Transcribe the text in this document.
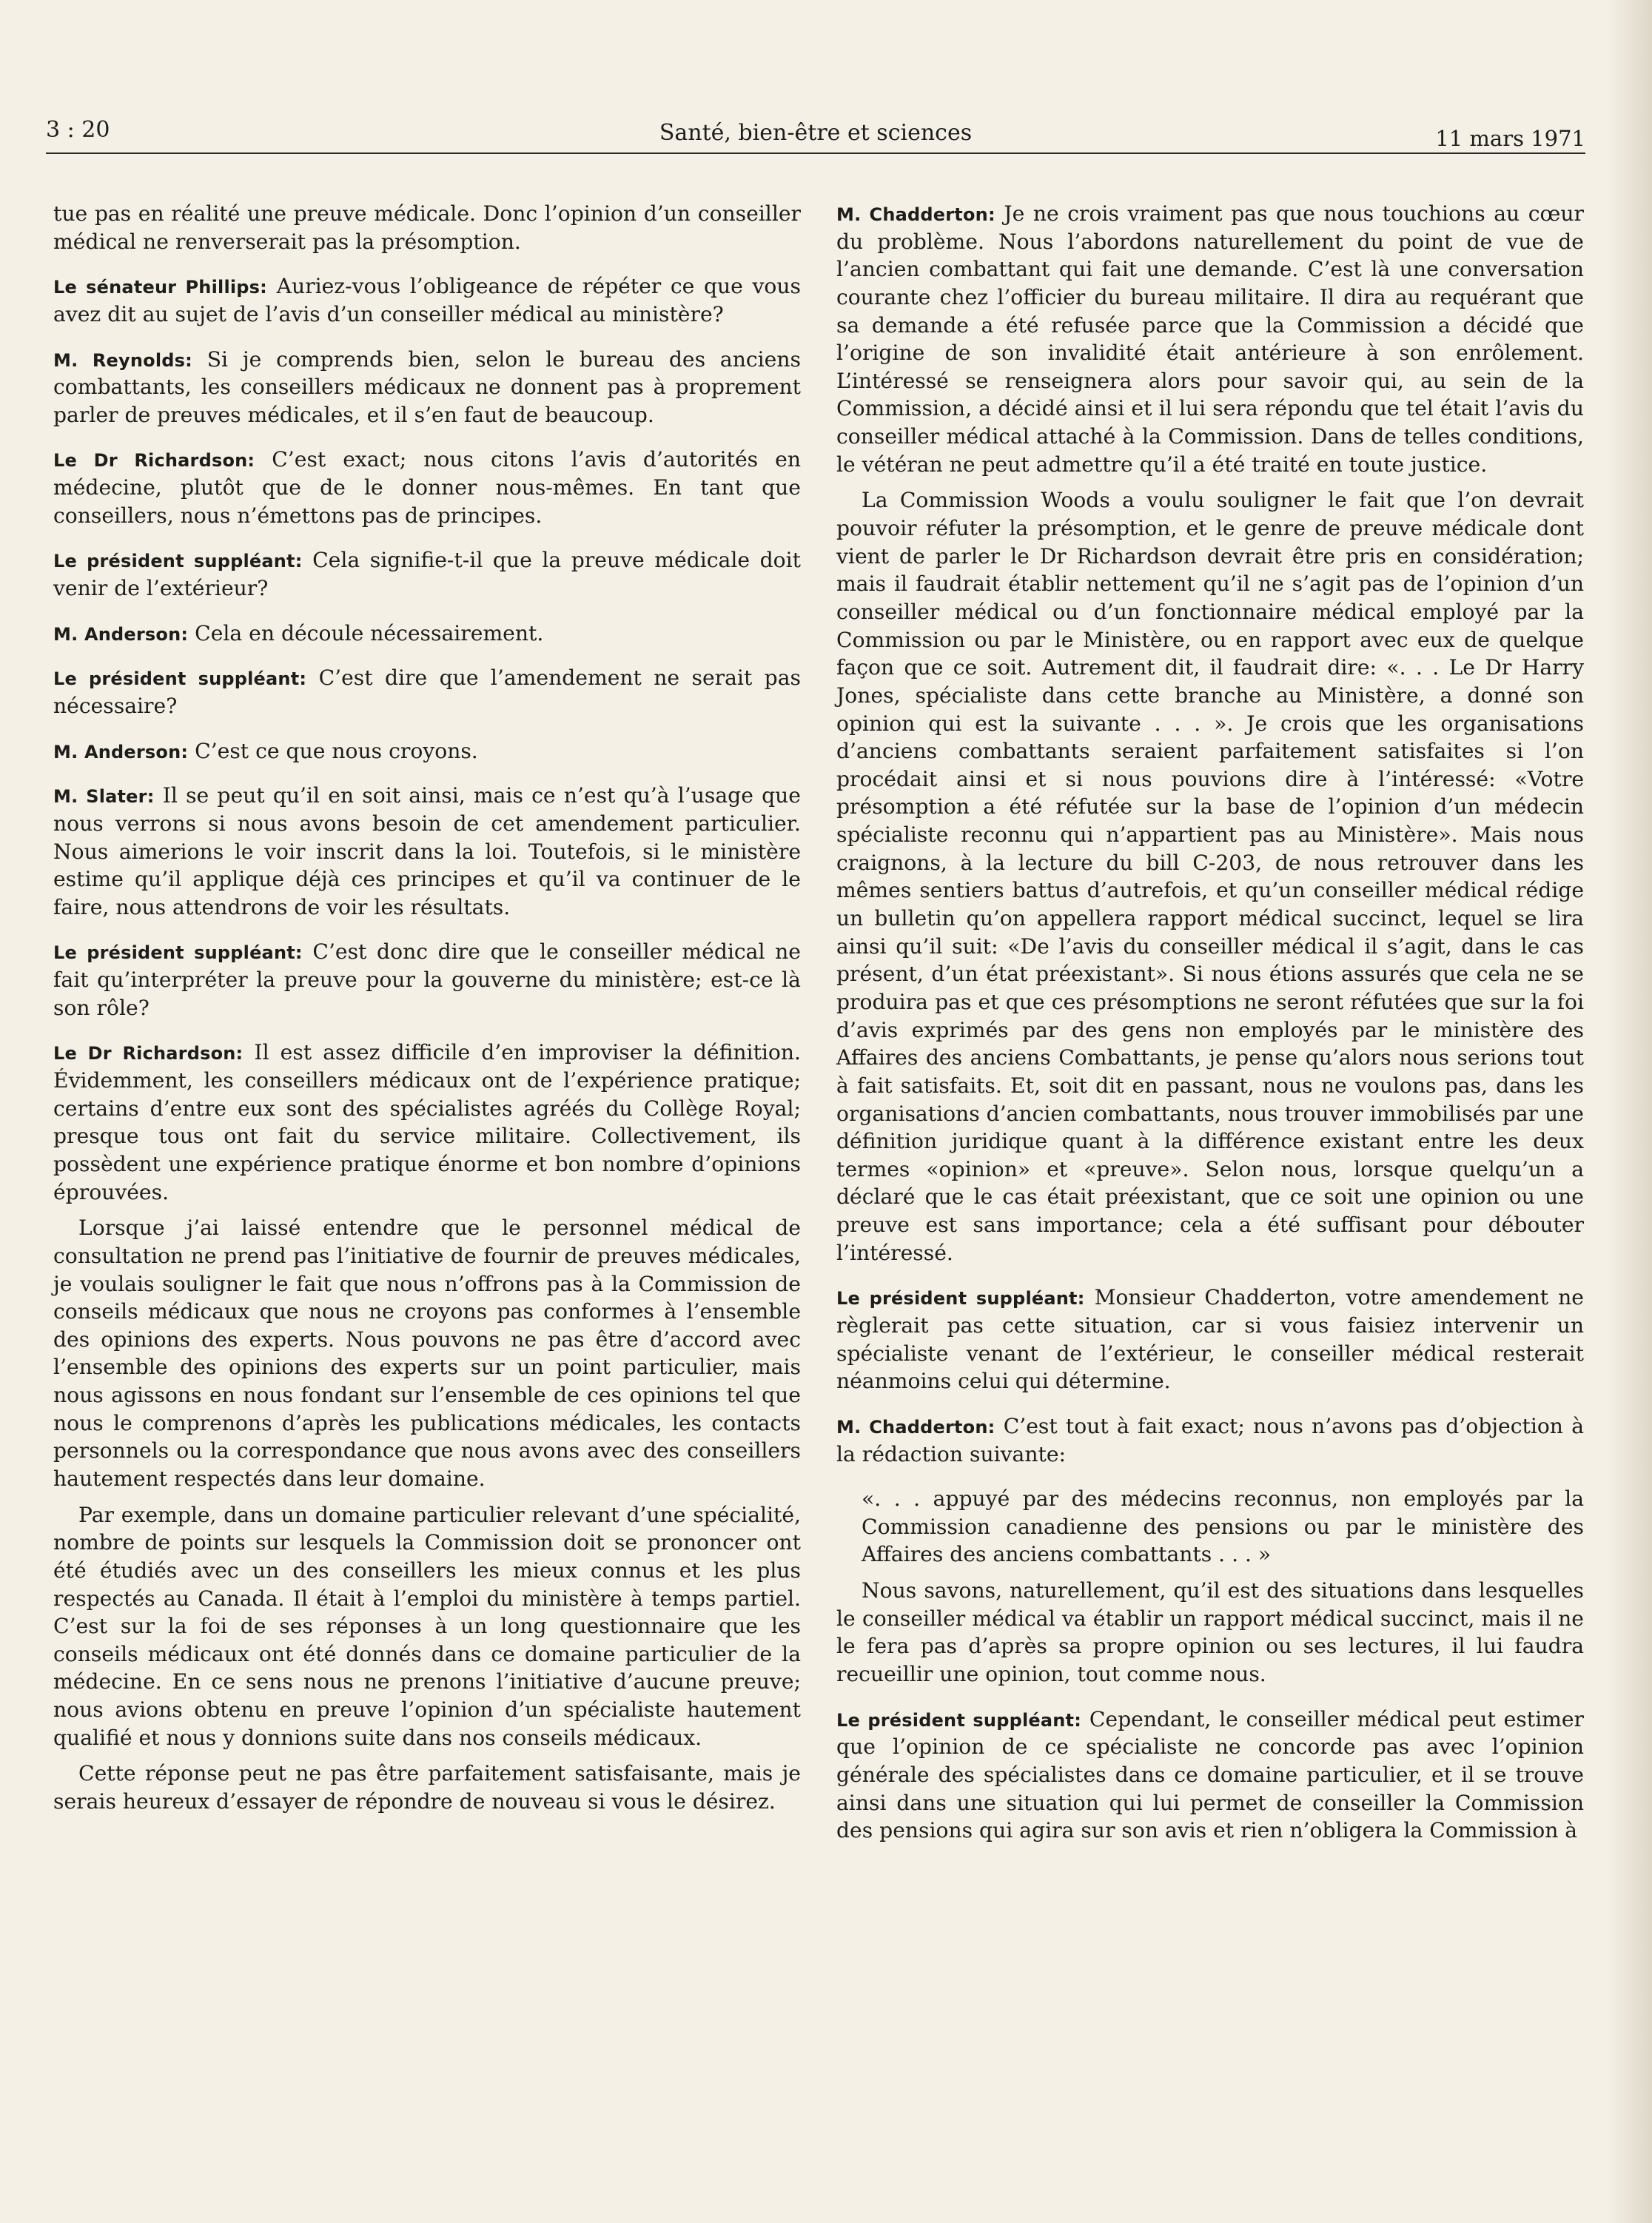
3 : 20	Santé, bien-être et sciences	11 mars 1971

tue pas en réalité une preuve médicale. Donc l’opinion d’un conseiller médical ne renverserait pas la présomption.

Le sénateur Phillips: Auriez-vous l’obligeance de répéter ce que vous avez dit au sujet de l’avis d’un conseiller médical au ministère?

M. Reynolds: Si je comprends bien, selon le bureau des anciens combattants, les conseillers médicaux ne donnent pas à proprement parler de preuves médicales, et il s’en faut de beaucoup.

Le Dr Richardson: C’est exact; nous citons l’avis d’autorités en médecine, plutôt que de le donner nous-mêmes. En tant que conseillers, nous n’émettons pas de principes.

Le président suppléant: Cela signifie-t-il que la preuve médicale doit venir de l’extérieur?

M. Anderson: Cela en découle nécessairement.

Le président suppléant: C’est dire que l’amendement ne serait pas nécessaire?

M. Anderson: C’est ce que nous croyons.

M. Slater: Il se peut qu’il en soit ainsi, mais ce n’est qu’à l’usage que nous verrons si nous avons besoin de cet amendement particulier. Nous aimerions le voir inscrit dans la loi. Toutefois, si le ministère estime qu’il applique déjà ces principes et qu’il va continuer de le faire, nous attendrons de voir les résultats.

Le président suppléant: C’est donc dire que le conseiller médical ne fait qu’interpréter la preuve pour la gouverne du ministère; est-ce là son rôle?

Le Dr Richardson: Il est assez difficile d’en improviser la définition. Évidemment, les conseillers médicaux ont de l’expérience pratique; certains d’entre eux sont des spécialistes agréés du Collège Royal; presque tous ont fait du service militaire. Collectivement, ils possèdent une expérience pratique énorme et bon nombre d’opinions éprouvées.

Lorsque j’ai laissé entendre que le personnel médical de consultation ne prend pas l’initiative de fournir de preuves médicales, je voulais souligner le fait que nous n’offrons pas à la Commission de conseils médicaux que nous ne croyons pas conformes à l’ensemble des opinions des experts. Nous pouvons ne pas être d’accord avec l’ensemble des opinions des experts sur un point particulier, mais nous agissons en nous fondant sur l’ensemble de ces opinions tel que nous le comprenons d’après les publications médicales, les contacts personnels ou la correspondance que nous avons avec des conseillers hautement respectés dans leur domaine.

Par exemple, dans un domaine particulier relevant d’une spécialité, nombre de points sur lesquels la Commission doit se prononcer ont été étudiés avec un des conseillers les mieux connus et les plus respectés au Canada. Il était à l’emploi du ministère à temps partiel. C’est sur la foi de ses réponses à un long questionnaire que les conseils médicaux ont été donnés dans ce domaine particulier de la médecine. En ce sens nous ne prenons l’initiative d’aucune preuve; nous avions obtenu en preuve l’opinion d’un spécialiste hautement qualifié et nous y donnions suite dans nos conseils médicaux.

Cette réponse peut ne pas être parfaitement satisfaisante, mais je serais heureux d’essayer de répondre de nouveau si vous le désirez.

M. Chadderton: Je ne crois vraiment pas que nous touchions au cœur du problème. Nous l’abordons naturellement du point de vue de l’ancien combattant qui fait une demande. C’est là une conversation courante chez l’officier du bureau militaire. Il dira au requérant que sa demande a été refusée parce que la Commission a décidé que l’origine de son invalidité était antérieure à son enrôlement. L’intéressé se renseignera alors pour savoir qui, au sein de la Commission, a décidé ainsi et il lui sera répondu que tel était l’avis du conseiller médical attaché à la Commission. Dans de telles conditions, le vétéran ne peut admettre qu’il a été traité en toute justice.

La Commission Woods a voulu souligner le fait que l’on devrait pouvoir réfuter la présomption, et le genre de preuve médicale dont vient de parler le Dr Richardson devrait être pris en considération; mais il faudrait établir nettement qu’il ne s’agit pas de l’opinion d’un conseiller médical ou d’un fonctionnaire médical employé par la Commission ou par le Ministère, ou en rapport avec eux de quelque façon que ce soit. Autrement dit, il faudrait dire: «. . . Le Dr Harry Jones, spécialiste dans cette branche au Ministère, a donné son opinion qui est la suivante . . . ». Je crois que les organisations d’anciens combattants seraient parfaitement satisfaites si l’on procédait ainsi et si nous pouvions dire à l’intéressé: «Votre présomption a été réfutée sur la base de l’opinion d’un médecin spécialiste reconnu qui n’appartient pas au Ministère». Mais nous craignons, à la lecture du bill C-203, de nous retrouver dans les mêmes sentiers battus d’autrefois, et qu’un conseiller médical rédige un bulletin qu’on appellera rapport médical succinct, lequel se lira ainsi qu’il suit: «De l’avis du conseiller médical il s’agit, dans le cas présent, d’un état préexistant». Si nous étions assurés que cela ne se produira pas et que ces présomptions ne seront réfutées que sur la foi d’avis exprimés par des gens non employés par le ministère des Affaires des anciens Combattants, je pense qu’alors nous serions tout à fait satisfaits. Et, soit dit en passant, nous ne voulons pas, dans les organisations d’ancien combattants, nous trouver immobilisés par une définition juridique quant à la différence existant entre les deux termes «opinion» et «preuve». Selon nous, lorsque quelqu’un a déclaré que le cas était préexistant, que ce soit une opinion ou une preuve est sans importance; cela a été suffisant pour débouter l’intéressé.

Le président suppléant: Monsieur Chadderton, votre amendement ne règlerait pas cette situation, car si vous faisiez intervenir un spécialiste venant de l’extérieur, le conseiller médical resterait néanmoins celui qui détermine.

M. Chadderton: C’est tout à fait exact; nous n’avons pas d’objection à la rédaction suivante:

«. . . appuyé par des médecins reconnus, non employés par la Commission canadienne des pensions ou par le ministère des Affaires des anciens combattants . . . »

Nous savons, naturellement, qu’il est des situations dans lesquelles le conseiller médical va établir un rapport médical succinct, mais il ne le fera pas d’après sa propre opinion ou ses lectures, il lui faudra recueillir une opinion, tout comme nous.

Le président suppléant: Cependant, le conseiller médical peut estimer que l’opinion de ce spécialiste ne concorde pas avec l’opinion générale des spécialistes dans ce domaine particulier, et il se trouve ainsi dans une situation qui lui permet de conseiller la Commission des pensions qui agira sur son avis et rien n’obligera la Commission à
